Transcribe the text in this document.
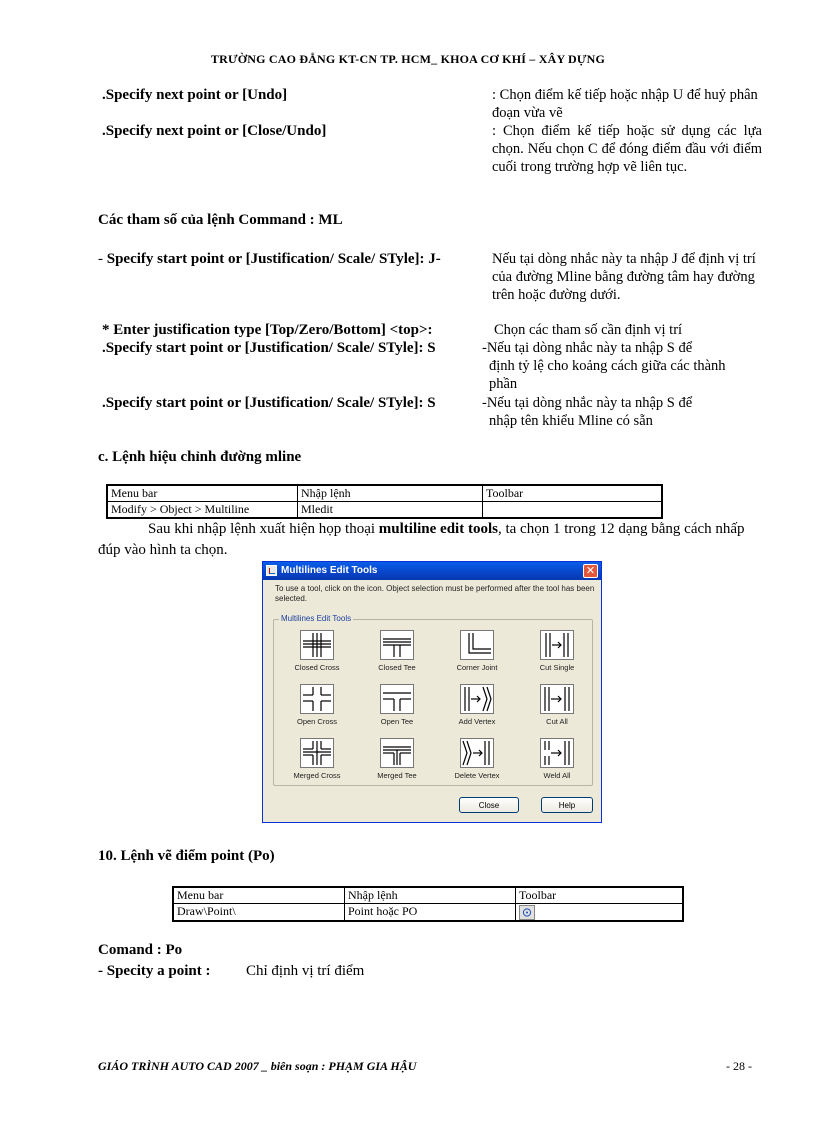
TRƯỜNG CAO ĐẲNG KT-CN TP. HCM_ KHOA CƠ KHÍ – XÂY DỰNG
.Specify next point or [Undo]	: Chọn điểm kế tiếp hoặc nhập U để huỷ phân đoạn vừa vẽ
.Specify next point or [Close/Undo]	: Chọn điểm kế tiếp hoặc sử dụng các lựa chọn. Nếu chọn C để đóng điểm đầu với điểm cuối trong trường hợp vẽ liên tục.
Các tham số của lệnh Command : ML
- Specify start point or [Justification/ Scale/ STyle]: J-	Nếu tại dòng nhắc này ta nhập J để định vị trí của đường Mline bằng đường tâm hay đường trên hoặc đường dưới.
* Enter justification type [Top/Zero/Bottom] <top>:	Chọn các tham số cần định vị trí
.Specify start point or [Justification/ Scale/ STyle]: S	-Nếu tại dòng nhắc này ta nhập S để
định tỷ lệ cho koảng cách giữa các thành phần
.Specify start point or [Justification/ Scale/ STyle]: S	-Nếu tại dòng nhắc này ta nhập S để
nhập tên khiểu Mline có sẵn
c. Lệnh hiệu chỉnh đường mline
Menu bar	Nhập lệnh	Toolbar
Modify > Object > Multiline	Mledit	
Sau khi nhập lệnh xuất hiện họp thoại multiline edit tools, ta chọn 1 trong 12 dạng bằng cách nhấp đúp vào hình ta chọn.
Multilines Edit Tools	✕
To use a tool, click on the icon. Object selection must be performed after the tool has been selected.
Multilines Edit Tools
Closed Cross	Closed Tee	Corner Joint	Cut Single
Open Cross	Open Tee	Add Vertex	Cut All
Merged Cross	Merged Tee	Delete Vertex	Weld All
Close	Help
10. Lệnh vẽ điểm point (Po)
Menu bar	Nhập lệnh	Toolbar
Draw\Point\	Point hoặc PO	
Comand : Po
- Specity a point : Chỉ định vị trí điểm
GIÁO TRÌNH AUTO CAD 2007 _ biên soạn : PHẠM GIA HẬU	- 28 -
